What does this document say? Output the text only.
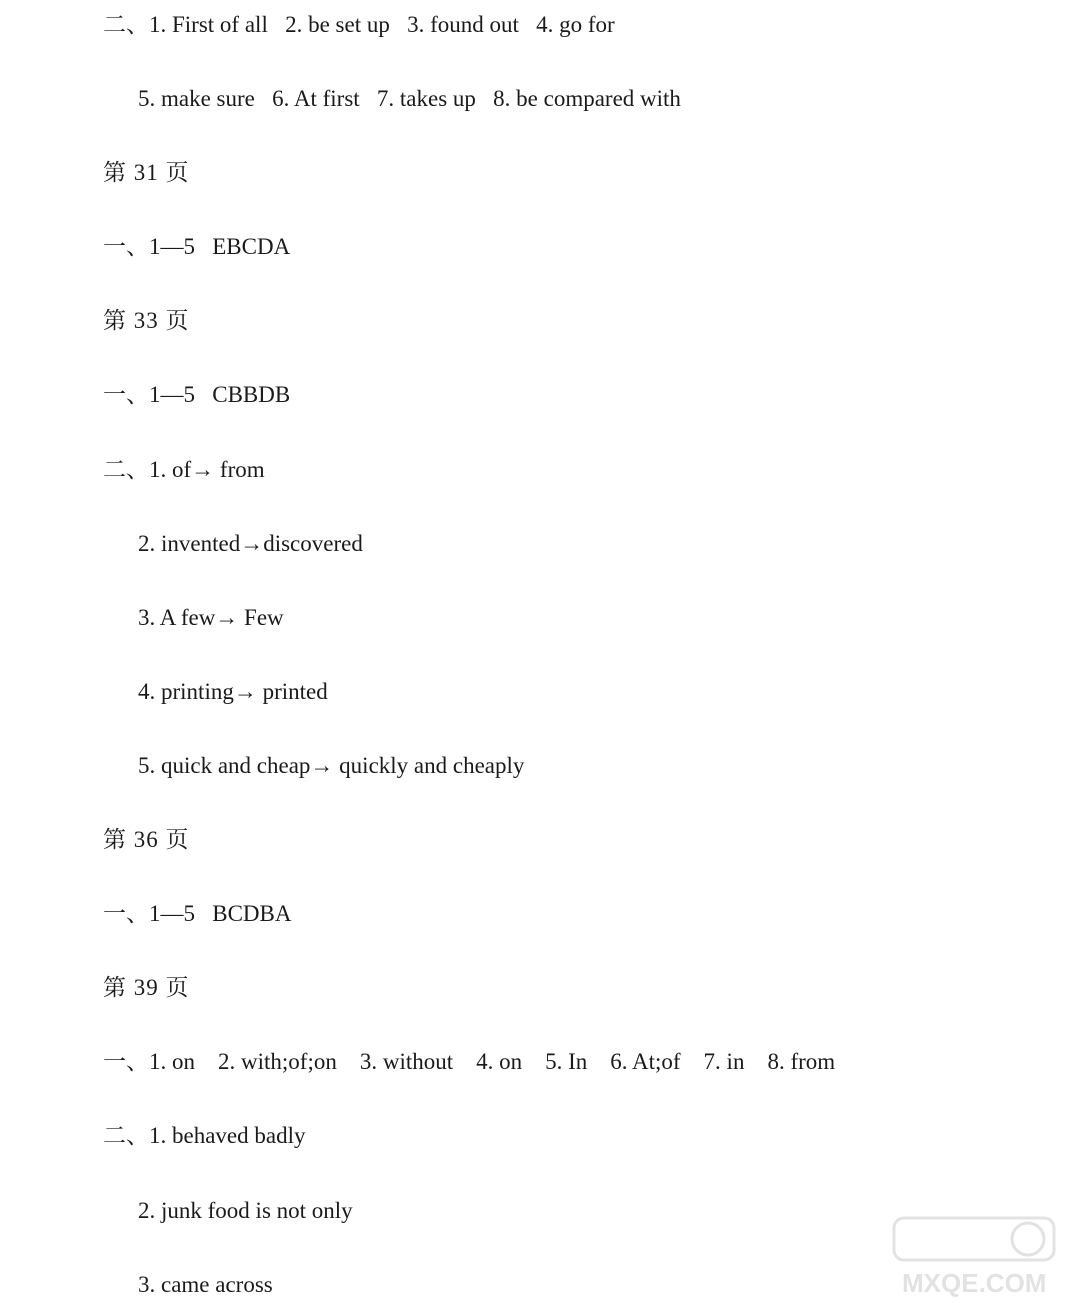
二、1. First of all   2. be set up   3. found out   4. go for
5. make sure   6. At first   7. takes up   8. be compared with
第 31 页
一、1—5   EBCDA
第 33 页
一、1—5   CBBDB
二、1. of→ from
2. invented→discovered
3. A few→ Few
4. printing→ printed
5. quick and cheap→ quickly and cheaply
第 36 页
一、1—5   BCDBA
第 39 页
一、1. on    2. with;of;on    3. without    4. on    5. In    6. At;of    7. in    8. from
二、1. behaved badly
2. junk food is not only
3. came across	MXQE.COM
